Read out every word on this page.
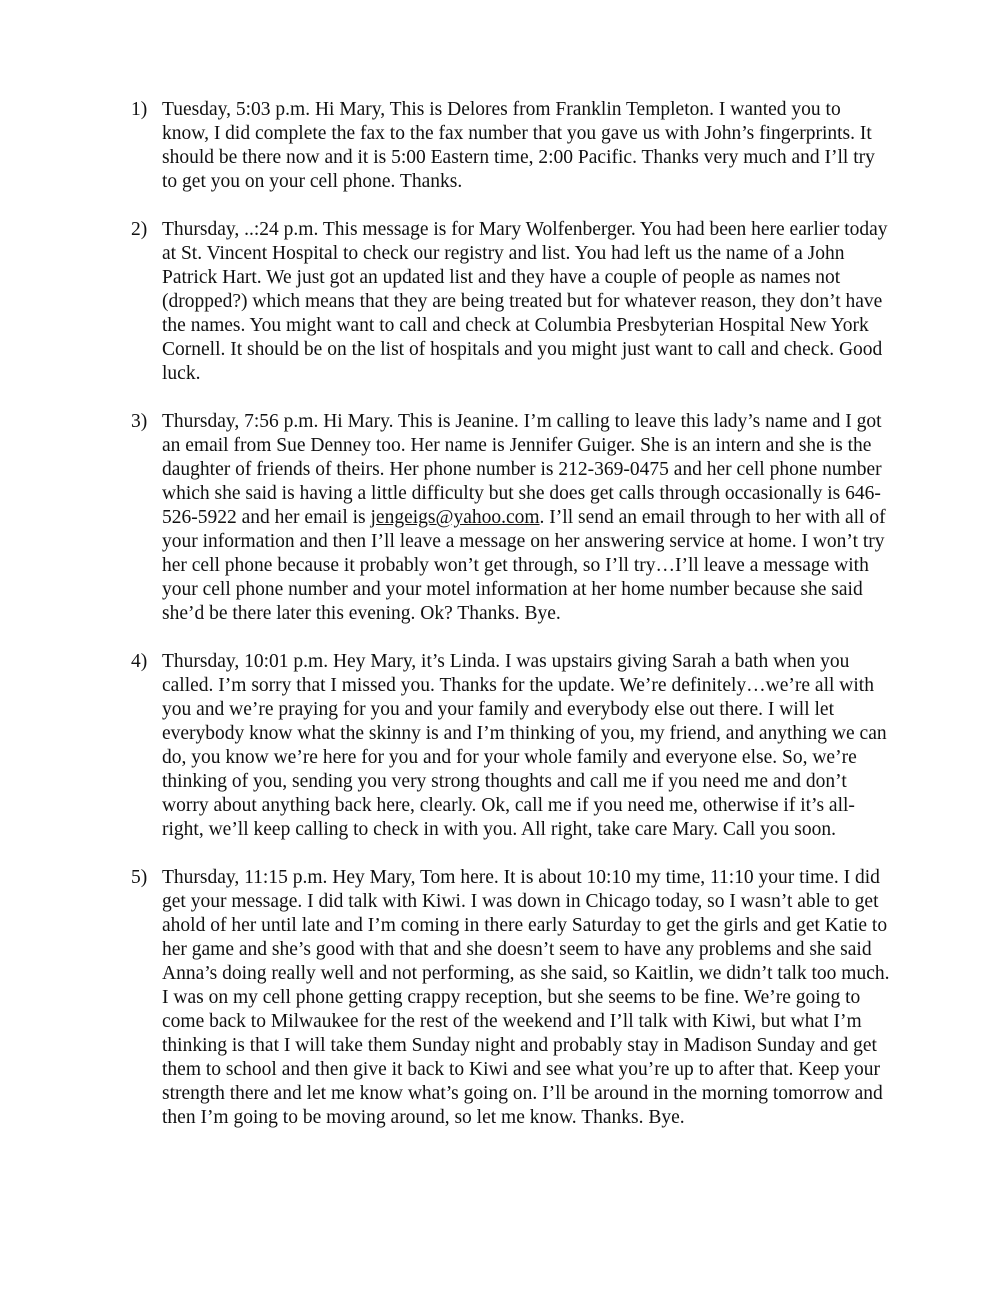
1) Tuesday, 5:03 p.m. Hi Mary, This is Delores from Franklin Templeton. I wanted you to know, I did complete the fax to the fax number that you gave us with John’s fingerprints. It should be there now and it is 5:00 Eastern time, 2:00 Pacific. Thanks very much and I’ll try to get you on your cell phone. Thanks.
2) Thursday, ..:24 p.m. This message is for Mary Wolfenberger. You had been here earlier today at St. Vincent Hospital to check our registry and list. You had left us the name of a John Patrick Hart. We just got an updated list and they have a couple of people as names not (dropped?) which means that they are being treated but for whatever reason, they don’t have the names. You might want to call and check at Columbia Presbyterian Hospital New York Cornell. It should be on the list of hospitals and you might just want to call and check. Good luck.
3) Thursday, 7:56 p.m. Hi Mary. This is Jeanine. I’m calling to leave this lady’s name and I got an email from Sue Denney too. Her name is Jennifer Guiger. She is an intern and she is the daughter of friends of theirs. Her phone number is 212-369-0475 and her cell phone number which she said is having a little difficulty but she does get calls through occasionally is 646-526-5922 and her email is jengeigs@yahoo.com. I’ll send an email through to her with all of your information and then I’ll leave a message on her answering service at home. I won’t try her cell phone because it probably won’t get through, so I’ll try…I’ll leave a message with your cell phone number and your motel information at her home number because she said she’d be there later this evening. Ok? Thanks. Bye.
4) Thursday, 10:01 p.m. Hey Mary, it’s Linda. I was upstairs giving Sarah a bath when you called. I’m sorry that I missed you. Thanks for the update. We’re definitely…we’re all with you and we’re praying for you and your family and everybody else out there. I will let everybody know what the skinny is and I’m thinking of you, my friend, and anything we can do, you know we’re here for you and for your whole family and everyone else. So, we’re thinking of you, sending you very strong thoughts and call me if you need me and don’t worry about anything back here, clearly. Ok, call me if you need me, otherwise if it’s all-right, we’ll keep calling to check in with you. All right, take care Mary. Call you soon.
5) Thursday, 11:15 p.m. Hey Mary, Tom here. It is about 10:10 my time, 11:10 your time. I did get your message. I did talk with Kiwi. I was down in Chicago today, so I wasn’t able to get ahold of her until late and I’m coming in there early Saturday to get the girls and get Katie to her game and she’s good with that and she doesn’t seem to have any problems and she said Anna’s doing really well and not performing, as she said, so Kaitlin, we didn’t talk too much. I was on my cell phone getting crappy reception, but she seems to be fine. We’re going to come back to Milwaukee for the rest of the weekend and I’ll talk with Kiwi, but what I’m thinking is that I will take them Sunday night and probably stay in Madison Sunday and get them to school and then give it back to Kiwi and see what you’re up to after that. Keep your strength there and let me know what’s going on. I’ll be around in the morning tomorrow and then I’m going to be moving around, so let me know. Thanks. Bye.
